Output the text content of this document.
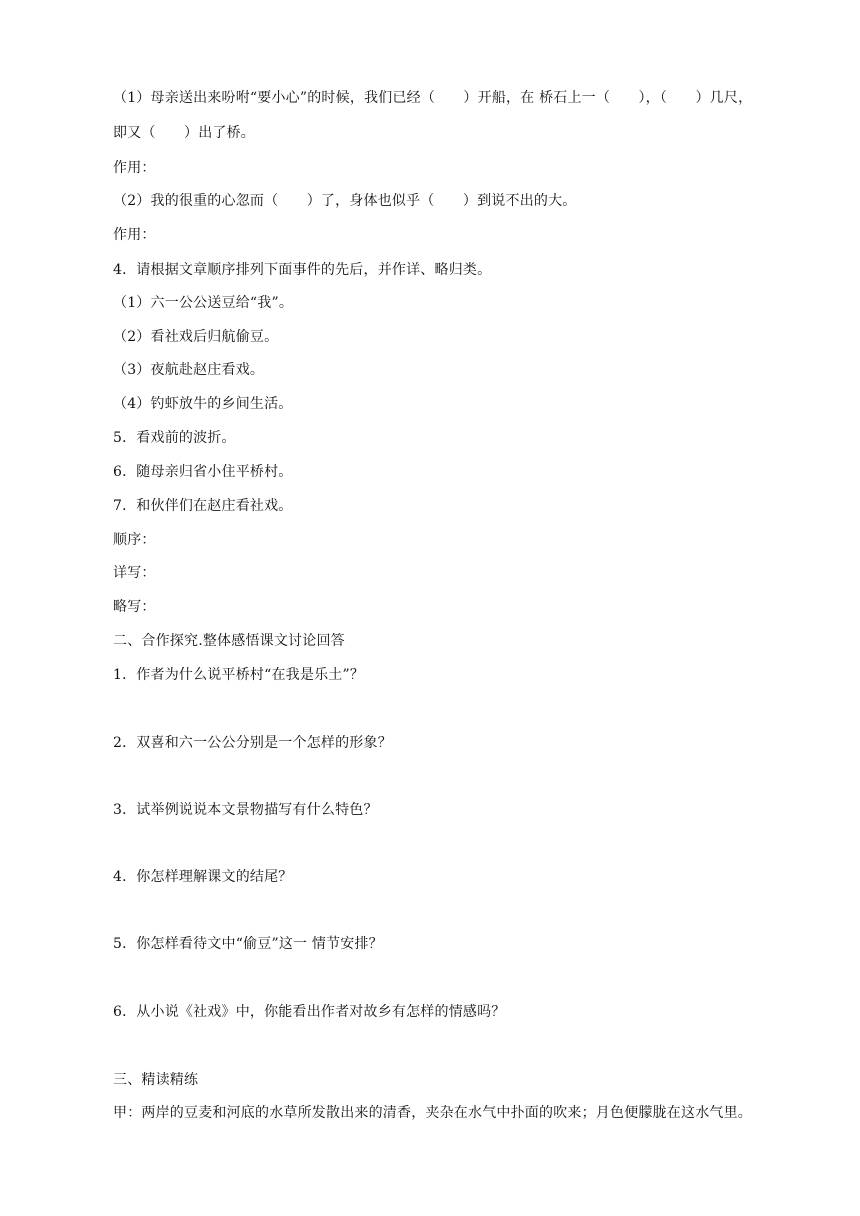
（1）母亲送出来吩咐“要小心”的时候，我们已经（　　）开船，在 桥石上一（　　），（　　）几尺，
即又（　　）出了桥。
作用：
（2）我的很重的心忽而（　　）了，身体也似乎（　　）到说不出的大。
作用：
4．请根据文章顺序排列下面事件的先后，并作详、略归类。
（1）六一公公送豆给“我”。
（2）看社戏后归航偷豆。
（3）夜航赴赵庄看戏。
（4）钓虾放牛的乡间生活。
5．看戏前的波折。
6．随母亲归省小住平桥村。
7．和伙伴们在赵庄看社戏。
顺序：
详写：
略写：
二、合作探究.整体感悟课文讨论回答
1．作者为什么说平桥村“在我是乐土”？
2．双喜和六一公公分别是一个怎样的形象？
3．试举例说说本文景物描写有什么特色？
4．你怎样理解课文的结尾？
5．你怎样看待文中“偷豆”这一 情节安排？
6．从小说《社戏》中，你能看出作者对故乡有怎样的情感吗？
三、精读精练
甲：两岸的豆麦和河底的水草所发散出来的清香，夹杂在水气中扑面的吹来；月色便朦胧在这水气里。
